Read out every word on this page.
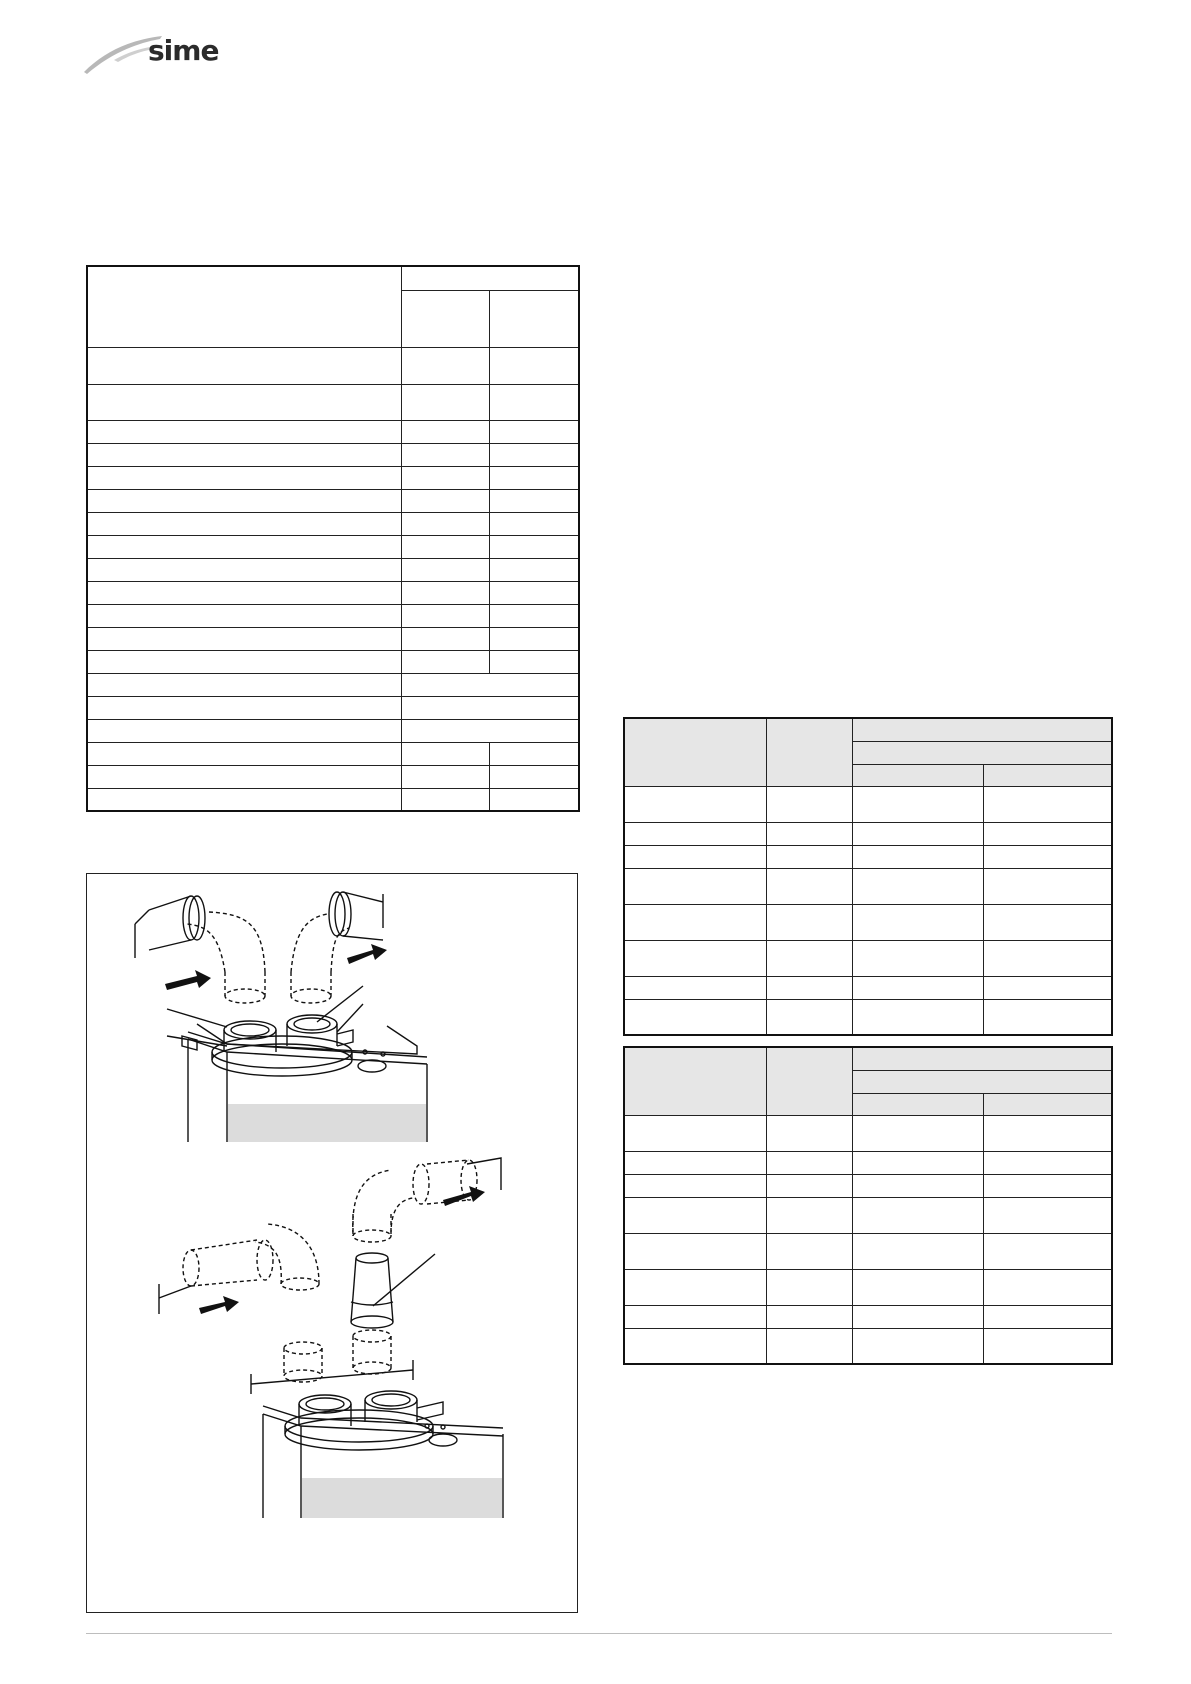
sime
